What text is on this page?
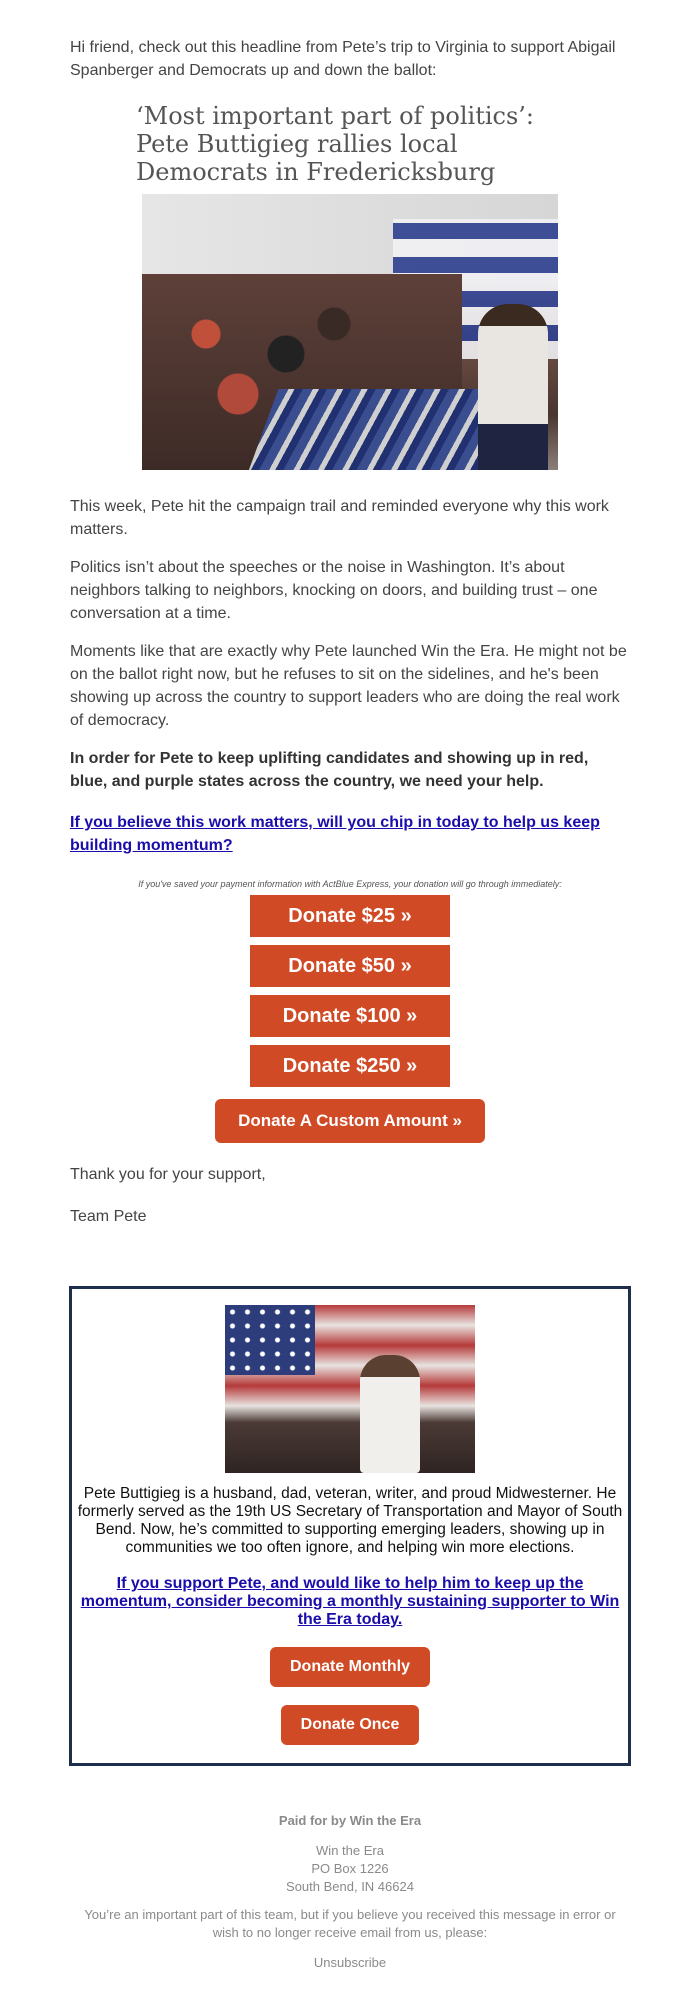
Hi friend, check out this headline from Pete’s trip to Virginia to support Abigail Spanberger and Democrats up and down the ballot:

‘Most important part of politics’: Pete Buttigieg rallies local Democrats in Fredericksburg

This week, Pete hit the campaign trail and reminded everyone why this work matters.

Politics isn’t about the speeches or the noise in Washington. It’s about neighbors talking to neighbors, knocking on doors, and building trust – one conversation at a time.

Moments like that are exactly why Pete launched Win the Era. He might not be on the ballot right now, but he refuses to sit on the sidelines, and he's been showing up across the country to support leaders who are doing the real work of democracy.

In order for Pete to keep uplifting candidates and showing up in red, blue, and purple states across the country, we need your help.

If you believe this work matters, will you chip in today to help us keep building momentum?

If you've saved your payment information with ActBlue Express, your donation will go through immediately:

Donate $25 »
Donate $50 »
Donate $100 »
Donate $250 »
Donate A Custom Amount »

Thank you for your support,

Team Pete

Pete Buttigieg is a husband, dad, veteran, writer, and proud Midwesterner. He formerly served as the 19th US Secretary of Transportation and Mayor of South Bend. Now, he’s committed to supporting emerging leaders, showing up in communities we too often ignore, and helping win more elections.

If you support Pete, and would like to help him to keep up the momentum, consider becoming a monthly sustaining supporter to Win the Era today.
Donate Monthly
Donate Once
Paid for by Win the Era
Win the Era
PO Box 1226
South Bend, IN 46624
You’re an important part of this team, but if you believe you received this message in error or wish to no longer receive email from us, please:
Unsubscribe
